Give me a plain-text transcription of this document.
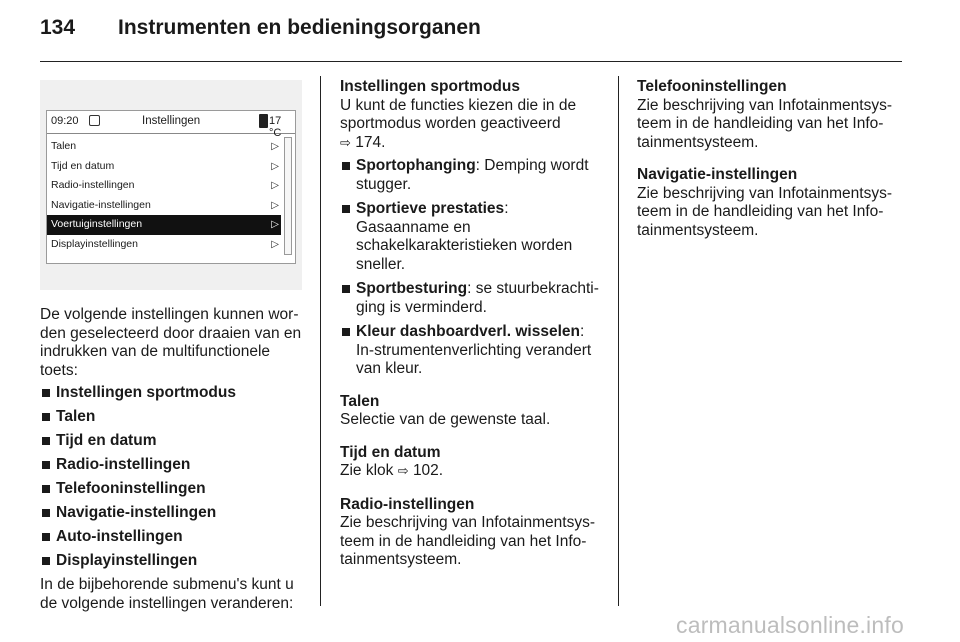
134 Instrumenten en bedieningsorganen
09:20	Instellingen	17 °C
Talen	▷
Tijd en datum	▷
Radio-instellingen	▷
Navigatie-instellingen	▷
Voertuiginstellingen	▷
Displayinstellingen	▷

De volgende instellingen kunnen wor-den geselecteerd door draaien van en indrukken van de multifunctionele toets:

Instellingen sportmodus
Talen
Tijd en datum
Radio-instellingen
Telefooninstellingen
Navigatie-instellingen
Auto-instellingen
Displayinstellingen

In de bijbehorende submenu's kunt u de volgende instellingen veranderen:

Instellingen sportmodus

U kunt de functies kiezen die in de sportmodus worden geactiveerd
⇨ 174.

Sportophanging: Demping wordt stugger.
Sportieve prestaties: Gasaanname en schakelkarakteristieken worden sneller.
Sportbesturing: se stuurbekrachti-ging is verminderd.
Kleur dashboardverl. wisselen: In-strumentenverlichting verandert van kleur.

Talen

Selectie van de gewenste taal.

Tijd en datum

Zie klok ⇨ 102.

Radio-instellingen

Zie beschrijving van Infotainmentsys-teem in de handleiding van het Info-tainmentsysteem.

Telefooninstellingen

Zie beschrijving van Infotainmentsys-teem in de handleiding van het Info-tainmentsysteem.

Navigatie-instellingen

Zie beschrijving van Infotainmentsys-teem in de handleiding van het Info-tainmentsysteem.

carmanualsonline.info
